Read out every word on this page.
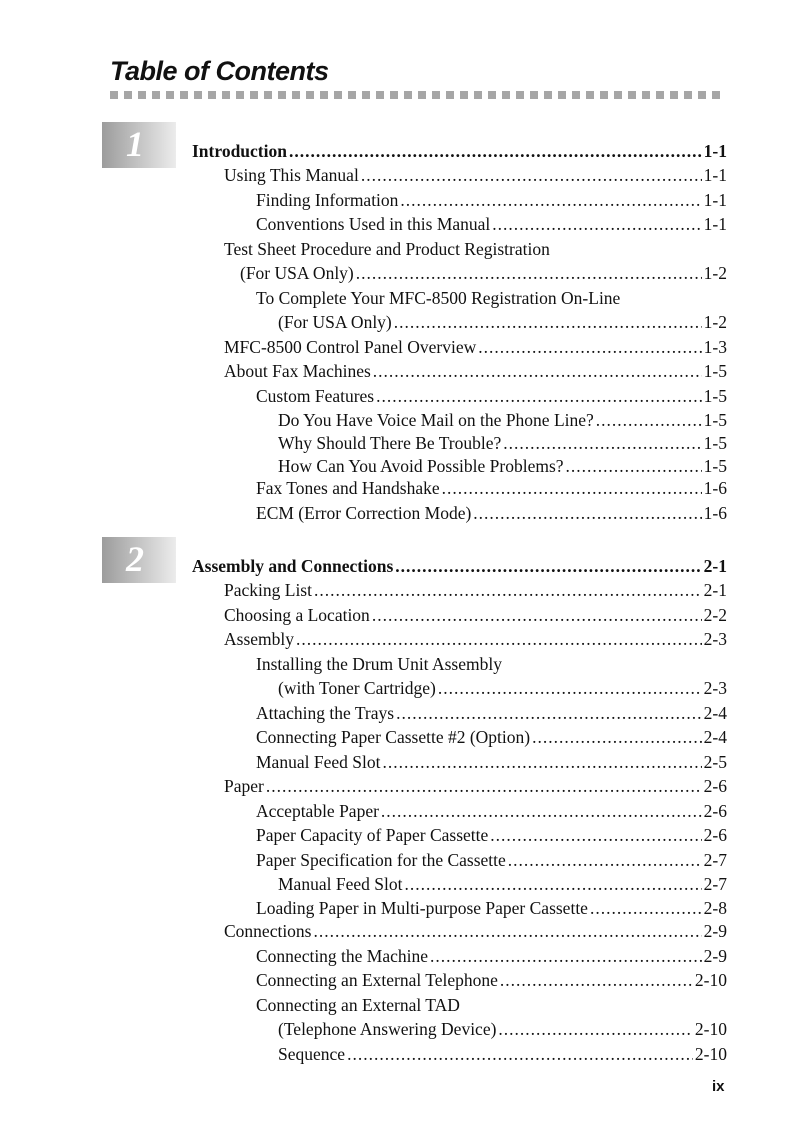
Table of Contents
1
2
Introduction .....	1-1
Using This Manual .....	1-1
Finding Information .....	1-1
Conventions Used in this Manual .....	1-1
Test Sheet Procedure and Product Registration
(For USA Only) .....	1-2
To Complete Your MFC-8500 Registration On-Line
(For USA Only) .....	1-2
MFC-8500 Control Panel Overview .....	1-3
About Fax Machines .....	1-5
Custom Features .....	1-5
Do You Have Voice Mail on the Phone Line? .....	1-5
Why Should There Be Trouble? .....	1-5
How Can You Avoid Possible Problems? .....	1-5
Fax Tones and Handshake .....	1-6
ECM (Error Correction Mode) .....	1-6
Assembly and Connections .....	2-1
Packing List .....	2-1
Choosing a Location .....	2-2
Assembly .....	2-3
Installing the Drum Unit Assembly
(with Toner Cartridge) .....	2-3
Attaching the Trays .....	2-4
Connecting Paper Cassette #2 (Option) .....	2-4
Manual Feed Slot .....	2-5
Paper .....	2-6
Acceptable Paper .....	2-6
Paper Capacity of Paper Cassette .....	2-6
Paper Specification for the Cassette .....	2-7
Manual Feed Slot .....	2-7
Loading Paper in Multi-purpose Paper Cassette .....	2-8
Connections .....	2-9
Connecting the Machine .....	2-9
Connecting an External Telephone .....	2-10
Connecting an External TAD
(Telephone Answering Device) .....	2-10
Sequence .....	2-10
ix
